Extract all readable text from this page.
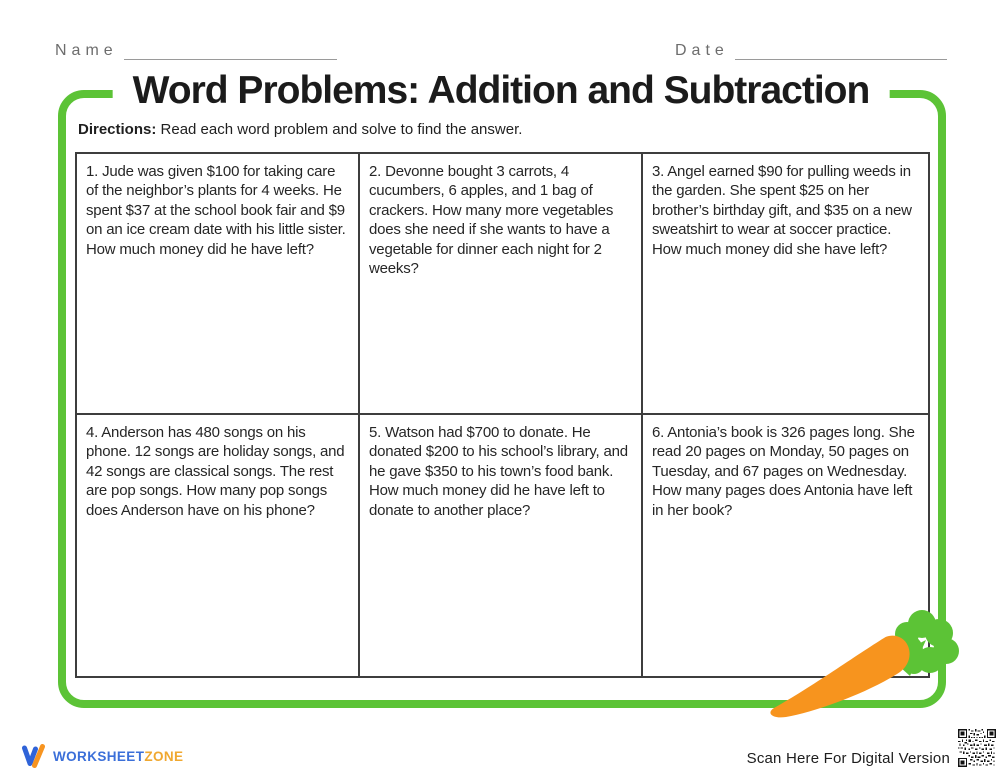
Name	Date
Word Problems: Addition and Subtraction

Directions: Read each word problem and solve to find the answer.

1. Jude was given $100 for taking care of the neighbor’s plants for 4 weeks. He spent $37 at the school book fair and $9 on an ice cream date with his little sister. How much money did he have left?

2. Devonne bought 3 carrots, 4 cucumbers, 6 apples, and 1 bag of crackers. How many more vegetables does she need if she wants to have a vegetable for dinner each night for 2 weeks?

3. Angel earned $90 for pulling weeds in the garden. She spent $25 on her brother’s birthday gift, and $35 on a new sweatshirt to wear at soccer practice. How much money did she have left?

4. Anderson has 480 songs on his phone. 12 songs are holiday songs, and 42 songs are classical songs. The rest are pop songs. How many pop songs does Anderson have on his phone?

5. Watson had $700 to donate. He donated $200 to his school’s library, and he gave $350 to his town’s food bank. How much money did he have left to donate to another place?

6. Antonia’s book is 326 pages long. She read 20 pages on Monday, 50 pages on Tuesday, and 67 pages on Wednesday. How many pages does Antonia have left in her book?

WORKSHEETZONE	Scan Here For Digital Version
